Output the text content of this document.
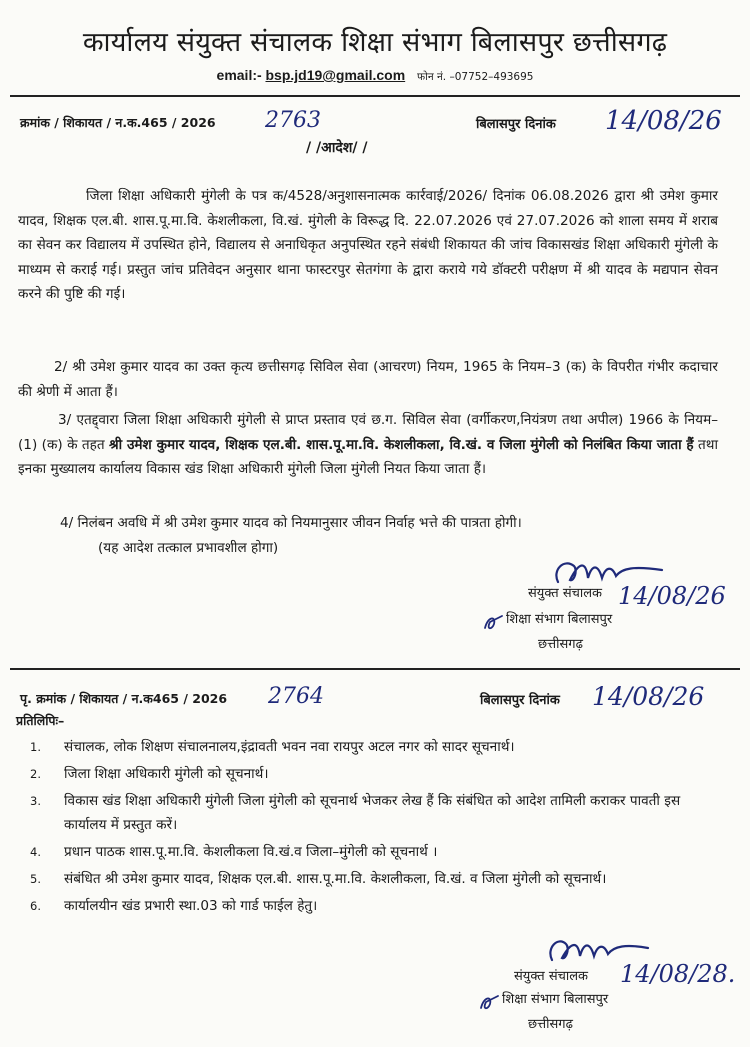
कार्यालय संयुक्त संचालक शिक्षा संभाग बिलासपुर छत्तीसगढ़
email:- bsp.jd19@gmail.com फोन नं. –07752–493695
क्रमांक / शिकायत / न.क.465 / 2026 2763	बिलासपुर दिनांक 14/08/26
/ /आदेश/ /
जिला शिक्षा अधिकारी मुंगेली के पत्र क/4528/अनुशासनात्मक कार्रवाई/2026/ दिनांक 06.08.2026 द्वारा श्री उमेश कुमार यादव, शिक्षक एल.बी. शास.पू.मा.वि. केशलीकला, वि.खं. मुंगेली के विरूद्ध दि. 22.07.2026 एवं 27.07.2026 को शाला समय में शराब का सेवन कर विद्यालय में उपस्थित होने, विद्यालय से अनाधिकृत अनुपस्थित रहने संबंधी शिकायत की जांच विकासखंड शिक्षा अधिकारी मुंगेली के माध्यम से कराई गई। प्रस्तुत जांच प्रतिवेदन अनुसार थाना फास्टरपुर सेतगंगा के द्वारा कराये गये डॉक्टरी परीक्षण में श्री यादव के मद्यपान सेवन करने की पुष्टि की गई।
2/ श्री उमेश कुमार यादव का उक्त कृत्य छत्तीसगढ़ सिविल सेवा (आचरण) नियम, 1965 के नियम–3 (क) के विपरीत गंभीर कदाचार की श्रेणी में आता हैं।
3/ एतद्द्वारा जिला शिक्षा अधिकारी मुंगेली से प्राप्त प्रस्ताव एवं छ.ग. सिविल सेवा (वर्गीकरण,नियंत्रण तथा अपील) 1966 के नियम– (1) (क) के तहत श्री उमेश कुमार यादव, शिक्षक एल.बी. शास.पू.मा.वि. केशलीकला, वि.खं. व जिला मुंगेली को निलंबित किया जाता हैं तथा इनका मुख्यालय कार्यालय विकास खंड शिक्षा अधिकारी मुंगेली जिला मुंगेली नियत किया जाता हैं।
4/ निलंबन अवधि में श्री उमेश कुमार यादव को नियमानुसार जीवन निर्वाह भत्ते की पात्रता होगी।
(यह आदेश तत्काल प्रभावशील होगा)
संयुक्त संचालक 14/08/26
शिक्षा संभाग बिलासपुर
छत्तीसगढ़
पृ. क्रमांक / शिकायत / न.क465 / 2026 2764	बिलासपुर दिनांक 14/08/26
प्रतिलिपिः–
1. संचालक, लोक शिक्षण संचालनालय,इंद्रावती भवन नवा रायपुर अटल नगर को सादर सूचनार्थ।
2. जिला शिक्षा अधिकारी मुंगेली को सूचनार्थ।
3. विकास खंड शिक्षा अधिकारी मुंगेली जिला मुंगेली को सूचनार्थ भेजकर लेख हैं कि संबंधित को आदेश तामिली कराकर पावती इस कार्यालय में प्रस्तुत करें।
4. प्रधान पाठक शास.पू.मा.वि. केशलीकला वि.खं.व जिला–मुंगेली को सूचनार्थ ।
5. संबंधित श्री उमेश कुमार यादव, शिक्षक एल.बी. शास.पू.मा.वि. केशलीकला, वि.खं. व जिला मुंगेली को सूचनार्थ।
6. कार्यालयीन खंड प्रभारी स्था.03 को गार्ड फाईल हेतु।
संयुक्त संचालक 14/08/28.
शिक्षा संभाग बिलासपुर
छत्तीसगढ़
